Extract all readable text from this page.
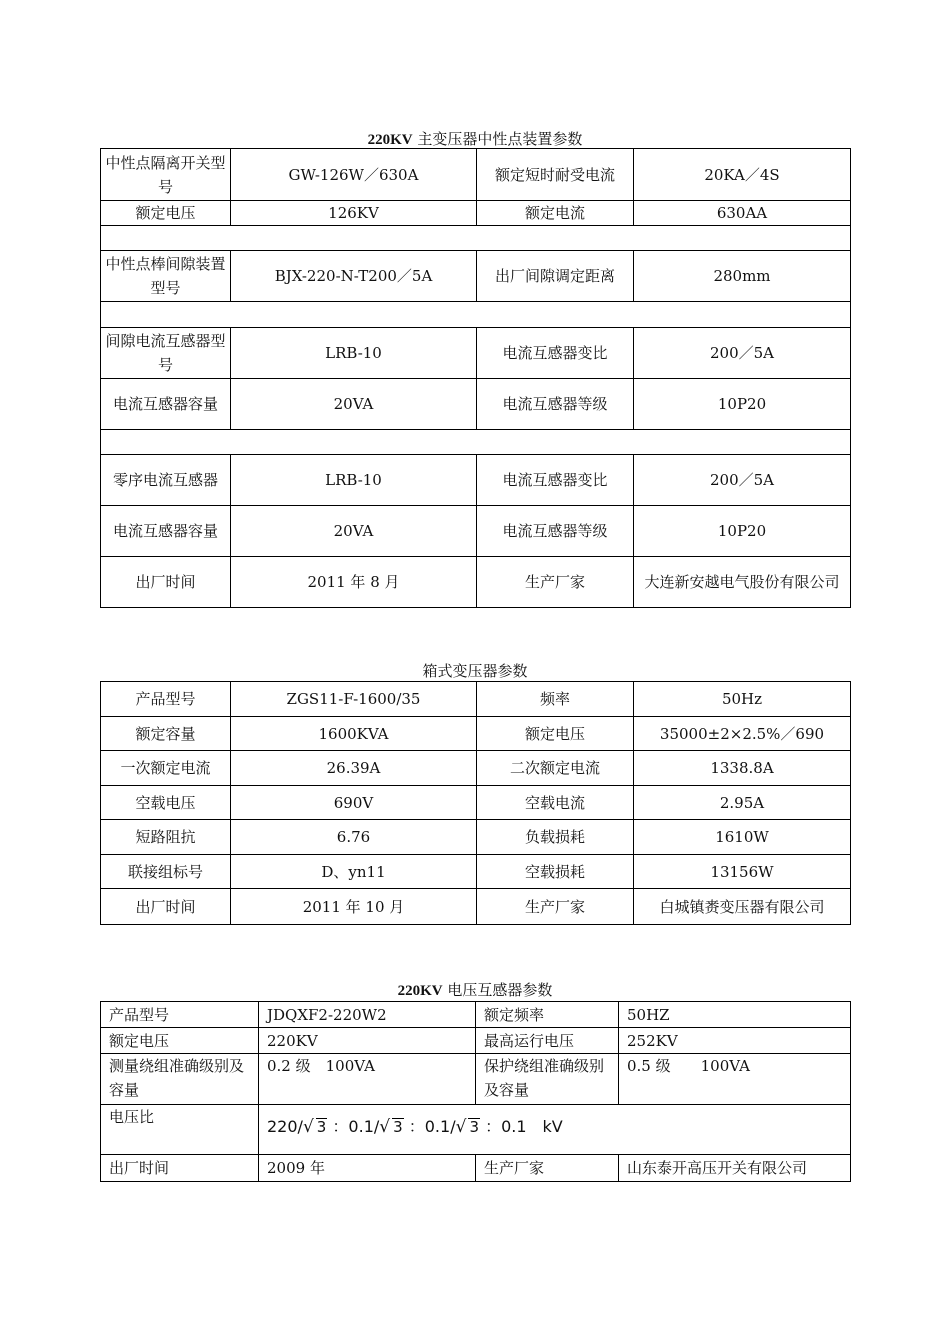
220KV 主变压器中性点装置参数
中性点隔离开关型号	GW-126W／630A	额定短时耐受电流	20KA／4S
额定电压	126KV	额定电流	630AA

中性点棒间隙装置型号	BJX-220-N-T200／5A	出厂间隙调定距离	280mm

间隙电流互感器型号	LRB-10	电流互感器变比	200／5A
电流互感器容量	20VA	电流互感器等级	10P20

零序电流互感器	LRB-10	电流互感器变比	200／5A
电流互感器容量	20VA	电流互感器等级	10P20
出厂时间	2011 年 8 月	生产厂家	大连新安越电气股份有限公司
箱式变压器参数
产品型号	ZGS11-F-1600/35	频率	50Hz
额定容量	1600KVA	额定电压	35000±2×2.5%／690
一次额定电流	26.39A	二次额定电流	1338.8A
空载电压	690V	空载电流	2.95A
短路阻抗	6.76	负载损耗	1610W
联接组标号	D、yn11	空载损耗	13156W
出厂时间	2011 年 10 月	生产厂家	白城镇赉变压器有限公司
220KV 电压互感器参数
产品型号	JDQXF2-220W2	额定频率	50HZ
额定电压	220KV	最高运行电压	252KV
测量绕组准确级别及容量	0.2 级　100VA	保护绕组准确级别及容量	0.5 级　　100VA
电压比	220/√ 3 ：0.1/√ 3 ：0.1/√ 3 ：0.1　kV		
出厂时间	2009 年	生产厂家	山东泰开高压开关有限公司
